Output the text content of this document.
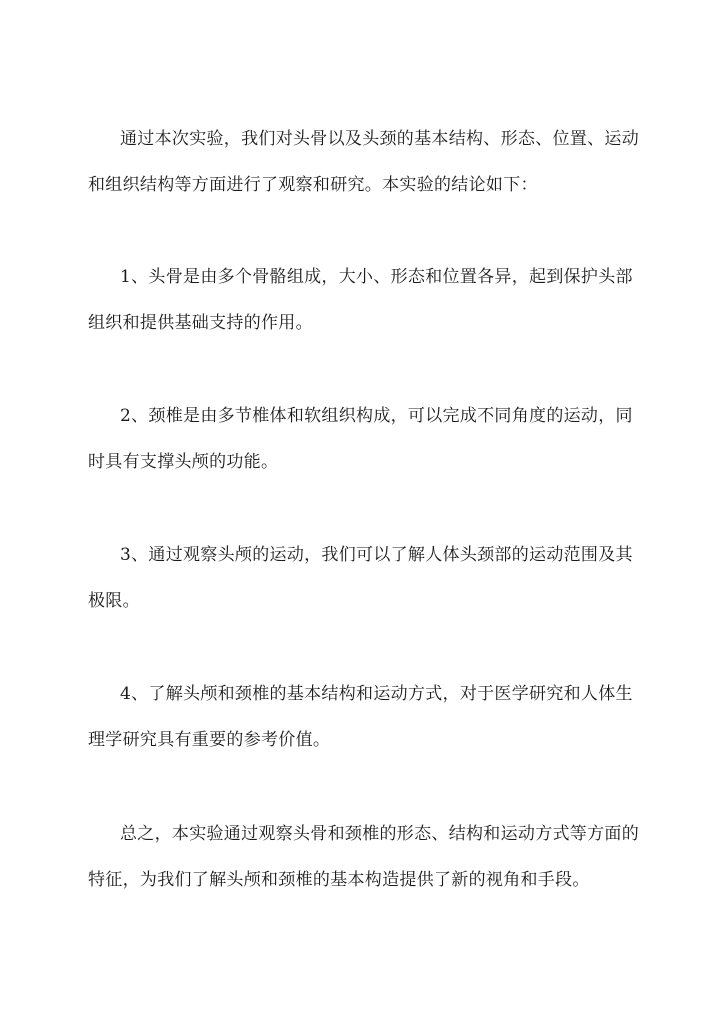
通过本次实验，我们对头骨以及头颈的基本结构、形态、位置、运动
和组织结构等方面进行了观察和研究。本实验的结论如下：
1、头骨是由多个骨骼组成，大小、形态和位置各异，起到保护头部
组织和提供基础支持的作用。
2、颈椎是由多节椎体和软组织构成，可以完成不同角度的运动，同
时具有支撑头颅的功能。
3、通过观察头颅的运动，我们可以了解人体头颈部的运动范围及其
极限。
4、了解头颅和颈椎的基本结构和运动方式，对于医学研究和人体生
理学研究具有重要的参考价值。
总之，本实验通过观察头骨和颈椎的形态、结构和运动方式等方面的
特征，为我们了解头颅和颈椎的基本构造提供了新的视角和手段。
